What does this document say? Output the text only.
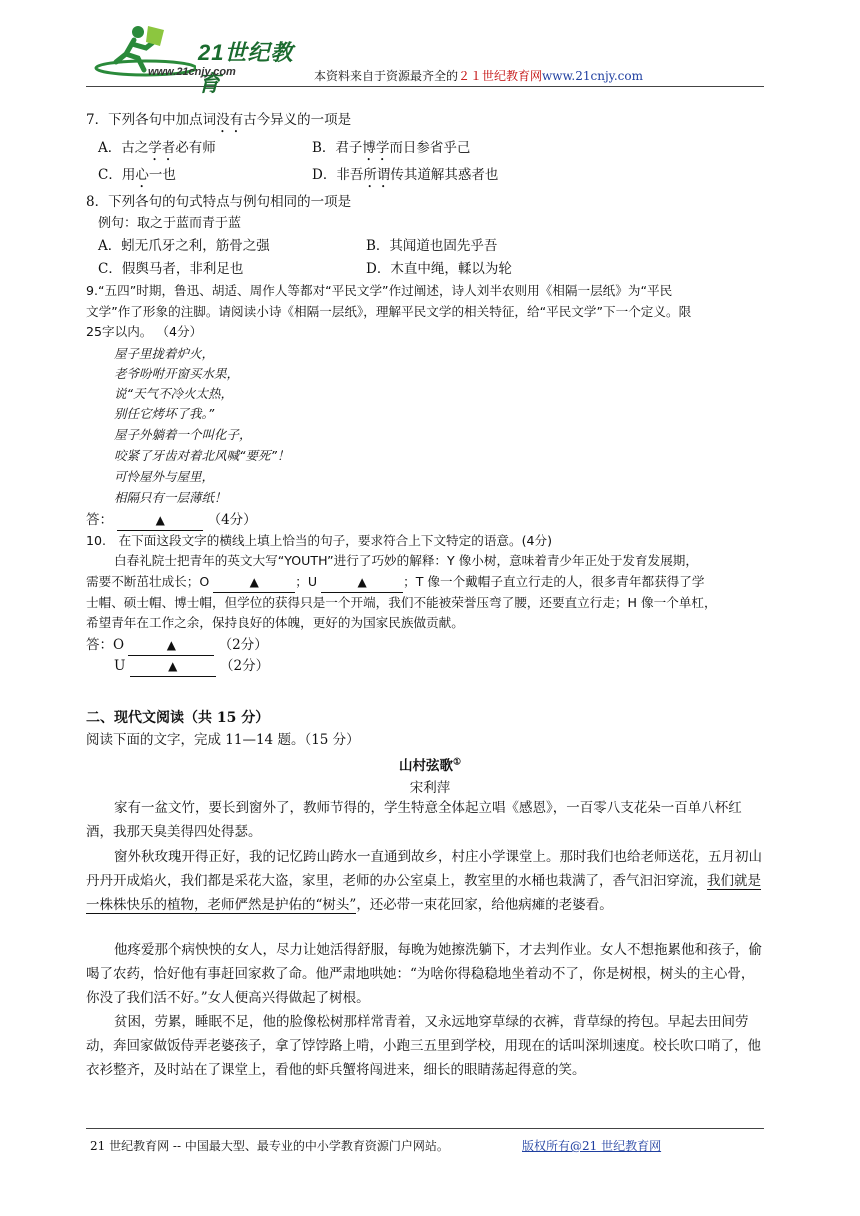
21世纪教育
www.21cnjy.com	本资料来自于资源最齐全的２１世纪教育网www.21cnjy.com
7．下列各句中加点词没有古今异义的一项是
A．古之学者必有师	B．君子博学而日参省乎己
C．用心一也	D．非吾所谓传其道解其惑者也
8．下列各句的句式特点与例句相同的一项是
例句：取之于蓝而青于蓝
A．蚓无爪牙之利，筋骨之强	B．其闻道也固先乎吾
C．假舆马者，非利足也	D．木直中绳，輮以为轮
9.“五四”时期，鲁迅、胡适、周作人等都对“平民文学”作过阐述，诗人刘半农则用《相隔一层纸》为“平民
文学”作了形象的注脚。请阅读小诗《相隔一层纸》，理解平民文学的相关特征，给“平民文学”下一个定义。限
25字以内。 （4分）
屋子里拢着炉火，
老爷吩咐开窗买水果，
说“天气不冷火太热，
别任它烤坏了我。”
屋子外躺着一个叫化子，
咬紧了牙齿对着北风喊“要死”！
可怜屋外与屋里，
相隔只有一层薄纸！
答：	▲	（4分）
10.　在下面这段文字的横线上填上恰当的句子，要求符合上下文特定的语意。(4分)
白春礼院士把青年的英文大写“YOUTH”进行了巧妙的解释：Y 像小树，意味着青少年正处于发育发展期，
需要不断茁壮成长；O	▲	；U	▲	；T 像一个戴帽子直立行走的人，很多青年都获得了学
士帽、硕士帽、博士帽，但学位的获得只是一个开端，我们不能被荣誉压弯了腰，还要直立行走；H 像一个单杠，
希望青年在工作之余，保持良好的体魄，更好的为国家民族做贡献。
答：O	▲	（2分）
U	▲	（2分）
二、现代文阅读（共 15 分）
阅读下面的文字，完成 11—14 题。（15 分）
山村弦歌①
宋利萍
家有一盆文竹，要长到窗外了，教师节得的，学生特意全体起立唱《感恩》，一百零八支花朵一百单八杯红酒，我那天臭美得四处得瑟。
窗外秋玫瑰开得正好，我的记忆跨山跨水一直通到故乡，村庄小学课堂上。那时我们也给老师送花，五月初山丹丹开成焰火，我们都是采花大盗，家里，老师的办公室桌上，教室里的水桶也栽满了，香气汩汩穿流，我们就是一株株快乐的植物，老师俨然是护佑的“树头”，还必带一束花回家，给他病瘫的老婆看。
他疼爱那个病怏怏的女人，尽力让她活得舒服，每晚为她擦洗躺下，才去判作业。女人不想拖累他和孩子，偷喝了农药，恰好他有事赶回家救了命。他严肃地哄她：“为啥你得稳稳地坐着动不了，你是树根，树头的主心骨，你没了我们活不好。”女人便高兴得做起了树根。
贫困，劳累，睡眠不足，他的脸像松树那样常青着，又永远地穿草绿的衣裤，背草绿的挎包。早起去田间劳动，奔回家做饭侍弄老婆孩子，拿了饽饽路上啃，小跑三五里到学校，用现在的话叫深圳速度。校长吹口哨了，他衣衫整齐，及时站在了课堂上，看他的虾兵蟹将闯进来，细长的眼睛荡起得意的笑。
21 世纪教育网 -- 中国最大型、最专业的中小学教育资源门户网站。	版权所有@21 世纪教育网
